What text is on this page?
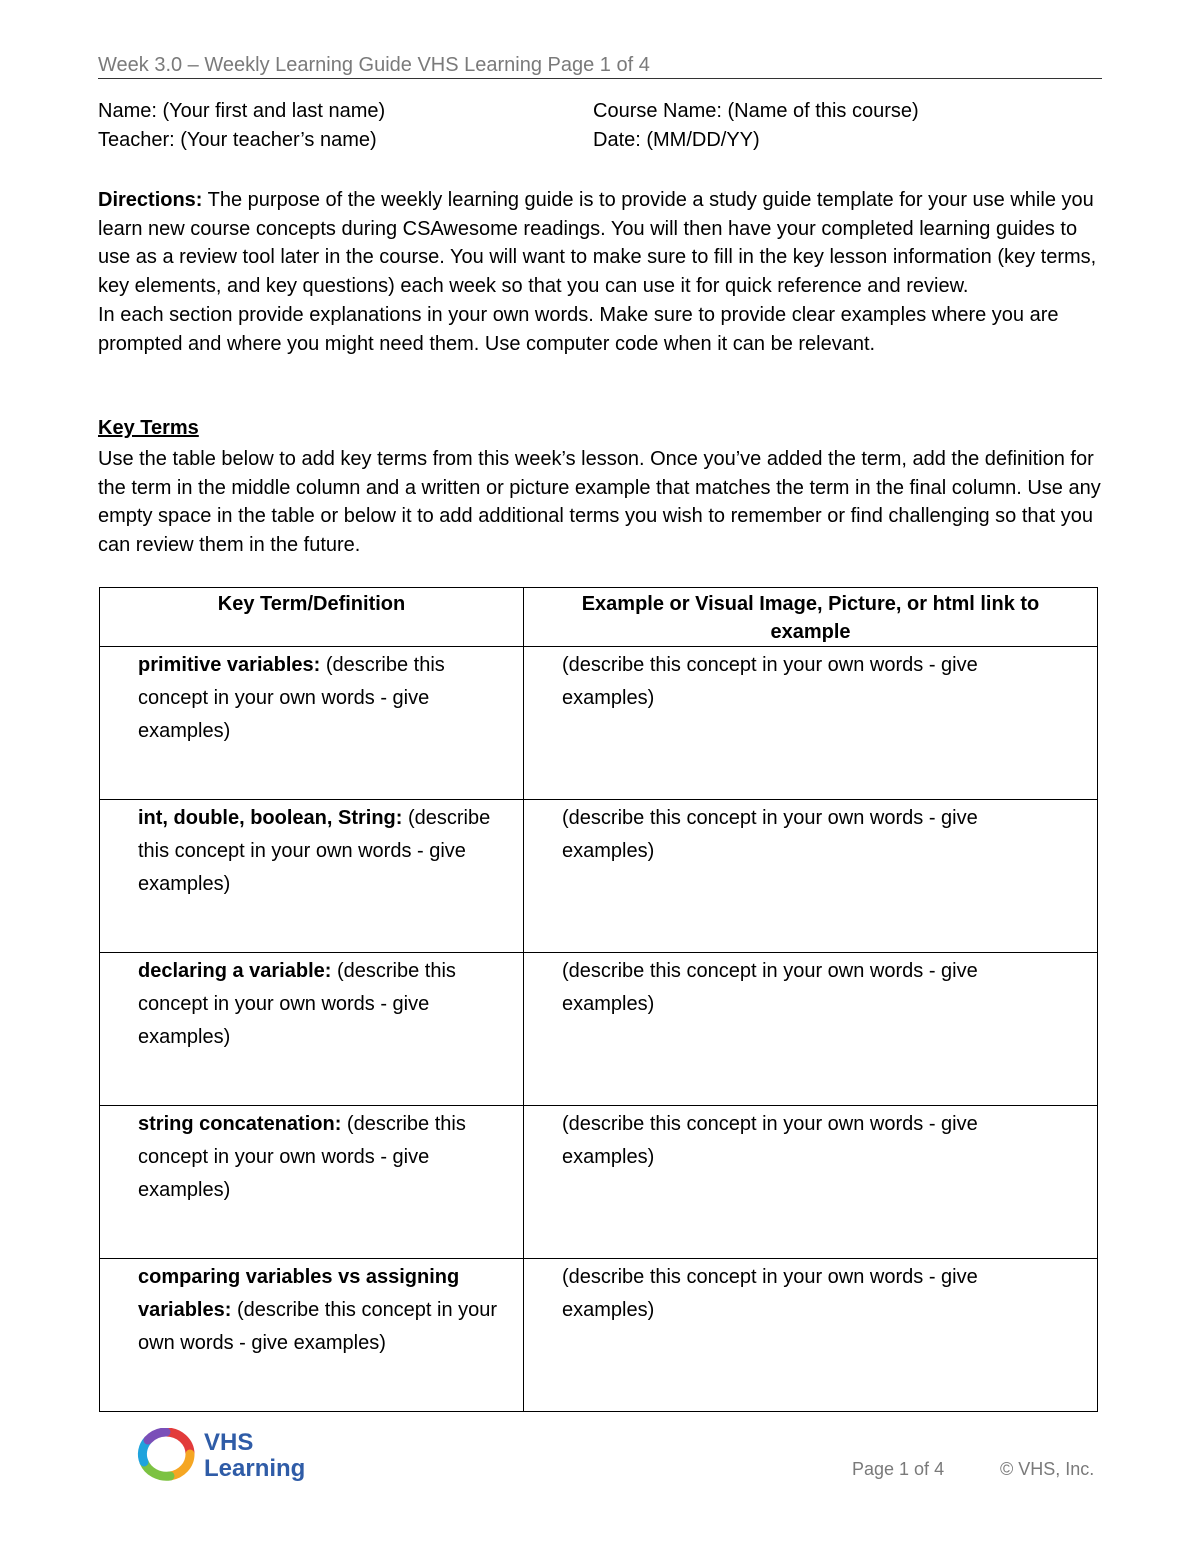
Week 3.0 – Weekly Learning Guide VHS Learning Page 1 of 4
Name: (Your first and last name)	Course Name: (Name of this course)
Teacher: (Your teacher’s name)	Date: (MM/DD/YY)
Directions: The purpose of the weekly learning guide is to provide a study guide template for your use while you learn new course concepts during CSAwesome readings. You will then have your completed learning guides to use as a review tool later in the course. You will want to make sure to fill in the key lesson information (key terms, key elements, and key questions) each week so that you can use it for quick reference and review.
In each section provide explanations in your own words. Make sure to provide clear examples where you are prompted and where you might need them. Use computer code when it can be relevant.
Key Terms
Use the table below to add key terms from this week’s lesson. Once you’ve added the term, add the definition for the term in the middle column and a written or picture example that matches the term in the final column. Use any empty space in the table or below it to add additional terms you wish to remember or find challenging so that you can review them in the future.
Key Term/Definition	Example or Visual Image, Picture, or html link to example
primitive variables: (describe this concept in your own words - give examples)	(describe this concept in your own words - give examples)
int, double, boolean, String: (describe this concept in your own words - give examples)	(describe this concept in your own words - give examples)
declaring a variable: (describe this concept in your own words - give examples)	(describe this concept in your own words - give examples)
string concatenation: (describe this concept in your own words - give examples)	(describe this concept in your own words - give examples)
comparing variables vs assigning variables: (describe this concept in your own words - give examples)	(describe this concept in your own words - give examples)
VHS
Learning	Page 1 of 4	© VHS, Inc.
